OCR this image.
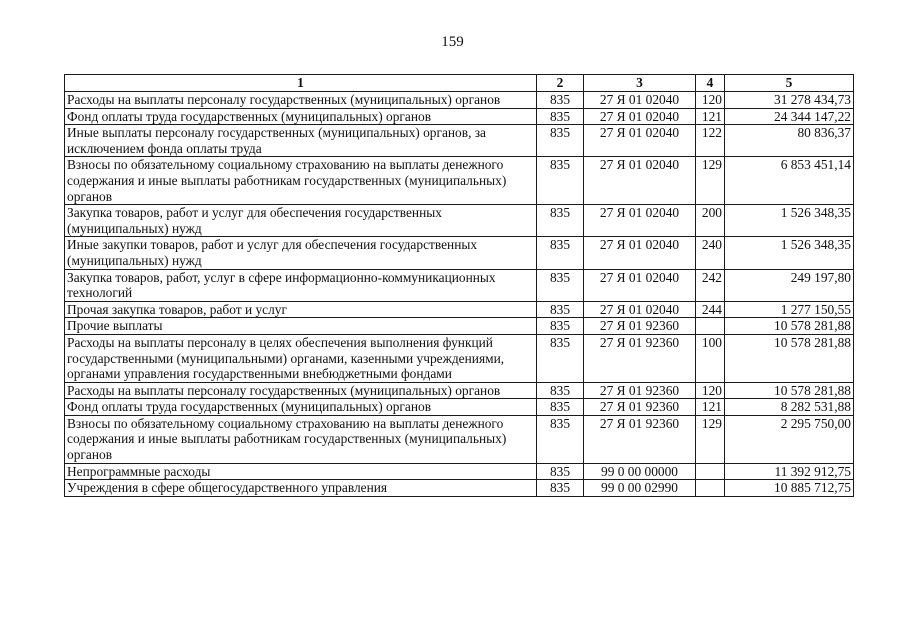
159
1	2	3	4	5
Расходы на выплаты персоналу государственных (муниципальных) органов	835	27 Я 01 02040	120	31 278 434,73
Фонд оплаты труда государственных (муниципальных) органов	835	27 Я 01 02040	121	24 344 147,22
Иные выплаты персоналу государственных (муниципальных) органов, за исключением фонда оплаты труда	835	27 Я 01 02040	122	80 836,37
Взносы по обязательному социальному страхованию на выплаты денежного содержания и иные выплаты работникам государственных (муниципальных) органов	835	27 Я 01 02040	129	6 853 451,14
Закупка товаров, работ и услуг для обеспечения государственных (муниципальных) нужд	835	27 Я 01 02040	200	1 526 348,35
Иные закупки товаров, работ и услуг для обеспечения государственных (муниципальных) нужд	835	27 Я 01 02040	240	1 526 348,35
Закупка товаров, работ, услуг в сфере информационно-коммуникационных технологий	835	27 Я 01 02040	242	249 197,80
Прочая закупка товаров, работ и услуг	835	27 Я 01 02040	244	1 277 150,55
Прочие выплаты	835	27 Я 01 92360		10 578 281,88
Расходы на выплаты персоналу в целях обеспечения выполнения функций государственными (муниципальными) органами, казенными учреждениями, органами управления государственными внебюджетными фондами	835	27 Я 01 92360	100	10 578 281,88
Расходы на выплаты персоналу государственных (муниципальных) органов	835	27 Я 01 92360	120	10 578 281,88
Фонд оплаты труда государственных (муниципальных) органов	835	27 Я 01 92360	121	8 282 531,88
Взносы по обязательному социальному страхованию на выплаты денежного содержания и иные выплаты работникам государственных (муниципальных) органов	835	27 Я 01 92360	129	2 295 750,00
Непрограммные расходы	835	99 0 00 00000		11 392 912,75
Учреждения в сфере общегосударственного управления	835	99 0 00 02990		10 885 712,75
